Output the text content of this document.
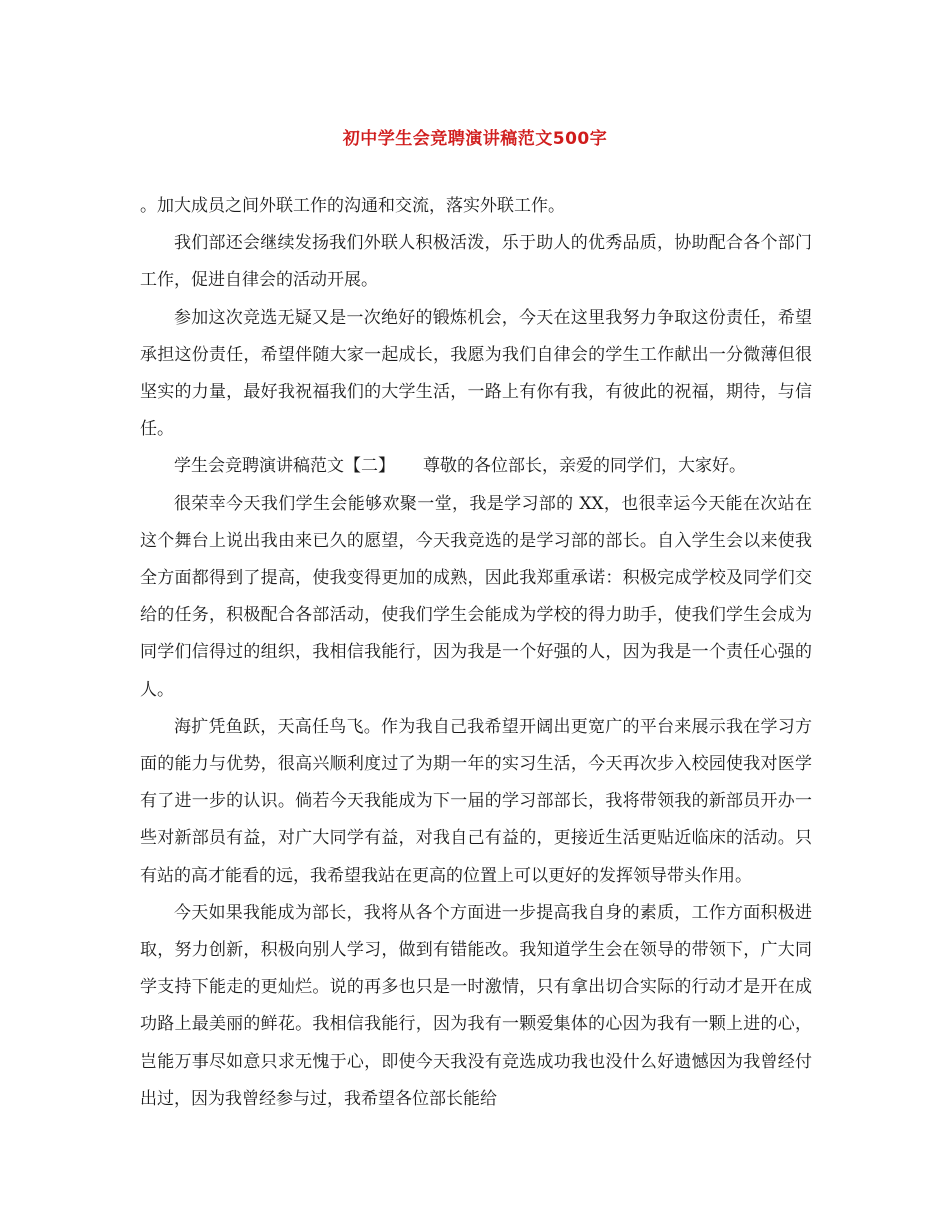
初中学生会竞聘演讲稿范文500字

。加大成员之间外联工作的沟通和交流，落实外联工作。

我们部还会继续发扬我们外联人积极活泼，乐于助人的优秀品质，协助配合各个部门工作，促进自律会的活动开展。

参加这次竞选无疑又是一次绝好的锻炼机会，今天在这里我努力争取这份责任，希望承担这份责任，希望伴随大家一起成长，我愿为我们自律会的学生工作献出一分微薄但很坚实的力量，最好我祝福我们的大学生活，一路上有你有我，有彼此的祝福，期待，与信任。

学生会竞聘演讲稿范文【二】 尊敬的各位部长，亲爱的同学们，大家好。

很荣幸今天我们学生会能够欢聚一堂，我是学习部的 XX，也很幸运今天能在次站在这个舞台上说出我由来已久的愿望，今天我竞选的是学习部的部长。自入学生会以来使我全方面都得到了提高，使我变得更加的成熟，因此我郑重承诺：积极完成学校及同学们交给的任务，积极配合各部活动，使我们学生会能成为学校的得力助手，使我们学生会成为同学们信得过的组织，我相信我能行，因为我是一个好强的人，因为我是一个责任心强的人。

海扩凭鱼跃，天高任鸟飞。作为我自己我希望开阔出更宽广的平台来展示我在学习方面的能力与优势，很高兴顺利度过了为期一年的实习生活，今天再次步入校园使我对医学有了进一步的认识。倘若今天我能成为下一届的学习部部长，我将带领我的新部员开办一些对新部员有益，对广大同学有益，对我自己有益的，更接近生活更贴近临床的活动。只有站的高才能看的远，我希望我站在更高的位置上可以更好的发挥领导带头作用。

今天如果我能成为部长，我将从各个方面进一步提高我自身的素质，工作方面积极进取，努力创新，积极向别人学习，做到有错能改。我知道学生会在领导的带领下，广大同学支持下能走的更灿烂。说的再多也只是一时激情，只有拿出切合实际的行动才是开在成功路上最美丽的鲜花。我相信我能行，因为我有一颗爱集体的心因为我有一颗上进的心，岂能万事尽如意只求无愧于心，即使今天我没有竞选成功我也没什么好遗憾因为我曾经付出过，因为我曾经参与过，我希望各位部长能给
